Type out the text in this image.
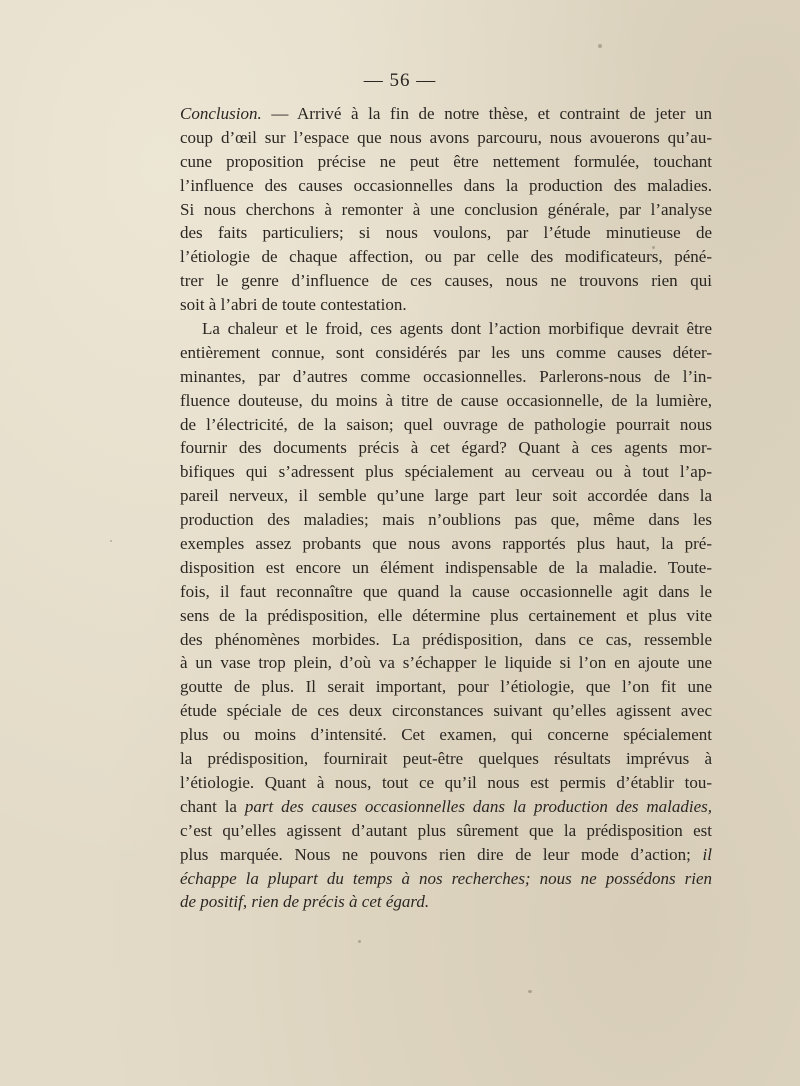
— 56 —
Conclusion. — Arrivé à la fin de notre thèse, et contraint de jeter un
coup d’œil sur l’espace que nous avons parcouru, nous avouerons qu’au-
cune proposition précise ne peut être nettement formulée, touchant
l’influence des causes occasionnelles dans la production des maladies.
Si nous cherchons à remonter à une conclusion générale, par l’analyse
des faits particuliers; si nous voulons, par l’étude minutieuse de
l’étiologie de chaque affection, ou par celle des modificateurs, péné-
trer le genre d’influence de ces causes, nous ne trouvons rien qui
soit à l’abri de toute contestation.
La chaleur et le froid, ces agents dont l’action morbifique devrait être
entièrement connue, sont considérés par les uns comme causes déter-
minantes, par d’autres comme occasionnelles. Parlerons-nous de l’in-
fluence douteuse, du moins à titre de cause occasionnelle, de la lumière,
de l’électricité, de la saison; quel ouvrage de pathologie pourrait nous
fournir des documents précis à cet égard? Quant à ces agents mor-
bifiques qui s’adressent plus spécialement au cerveau ou à tout l’ap-
pareil nerveux, il semble qu’une large part leur soit accordée dans la
production des maladies; mais n’oublions pas que, même dans les
exemples assez probants que nous avons rapportés plus haut, la pré-
disposition est encore un élément indispensable de la maladie. Toute-
fois, il faut reconnaître que quand la cause occasionnelle agit dans le
sens de la prédisposition, elle détermine plus certainement et plus vite
des phénomènes morbides. La prédisposition, dans ce cas, ressemble
à un vase trop plein, d’où va s’échapper le liquide si l’on en ajoute une
goutte de plus. Il serait important, pour l’étiologie, que l’on fit une
étude spéciale de ces deux circonstances suivant qu’elles agissent avec
plus ou moins d’intensité. Cet examen, qui concerne spécialement
la prédisposition, fournirait peut-être quelques résultats imprévus à
l’étiologie. Quant à nous, tout ce qu’il nous est permis d’établir tou-
chant la part des causes occasionnelles dans la production des maladies,
c’est qu’elles agissent d’autant plus sûrement que la prédisposition est
plus marquée. Nous ne pouvons rien dire de leur mode d’action; il
échappe la plupart du temps à nos recherches; nous ne possédons rien
de positif, rien de précis à cet égard.
